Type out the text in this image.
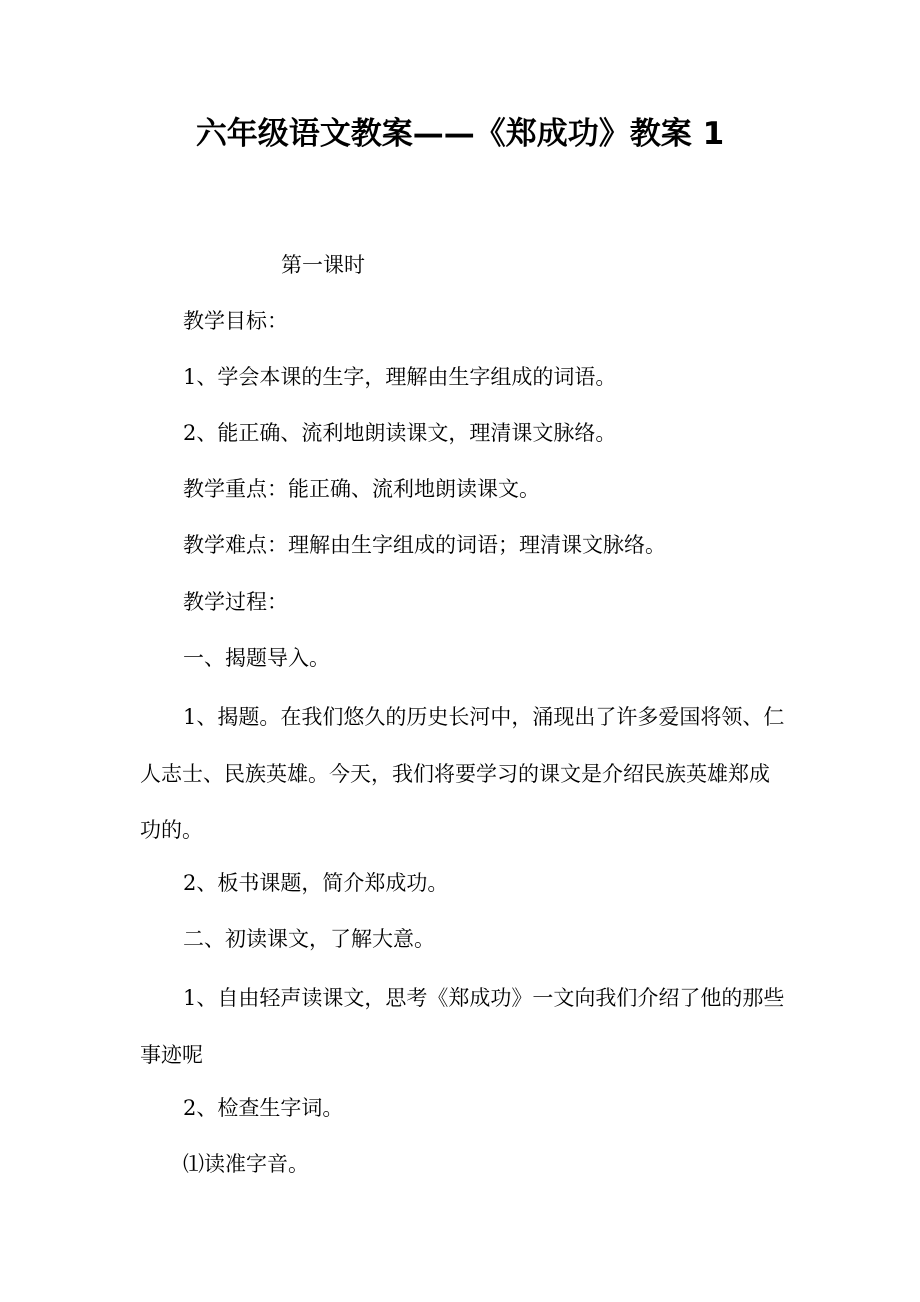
六年级语文教案——《郑成功》教案 1
第一课时
教学目标：
1、学会本课的生字，理解由生字组成的词语。
2、能正确、流利地朗读课文，理清课文脉络。
教学重点：能正确、流利地朗读课文。
教学难点：理解由生字组成的词语；理清课文脉络。
教学过程：
一、揭题导入。
1、揭题。在我们悠久的历史长河中，涌现出了许多爱国将领、仁人志士、民族英雄。今天，我们将要学习的课文是介绍民族英雄郑成功的。
2、板书课题，简介郑成功。
二、初读课文，了解大意。
1、自由轻声读课文，思考《郑成功》一文向我们介绍了他的那些事迹呢
2、检查生字词。
⑴读准字音。
